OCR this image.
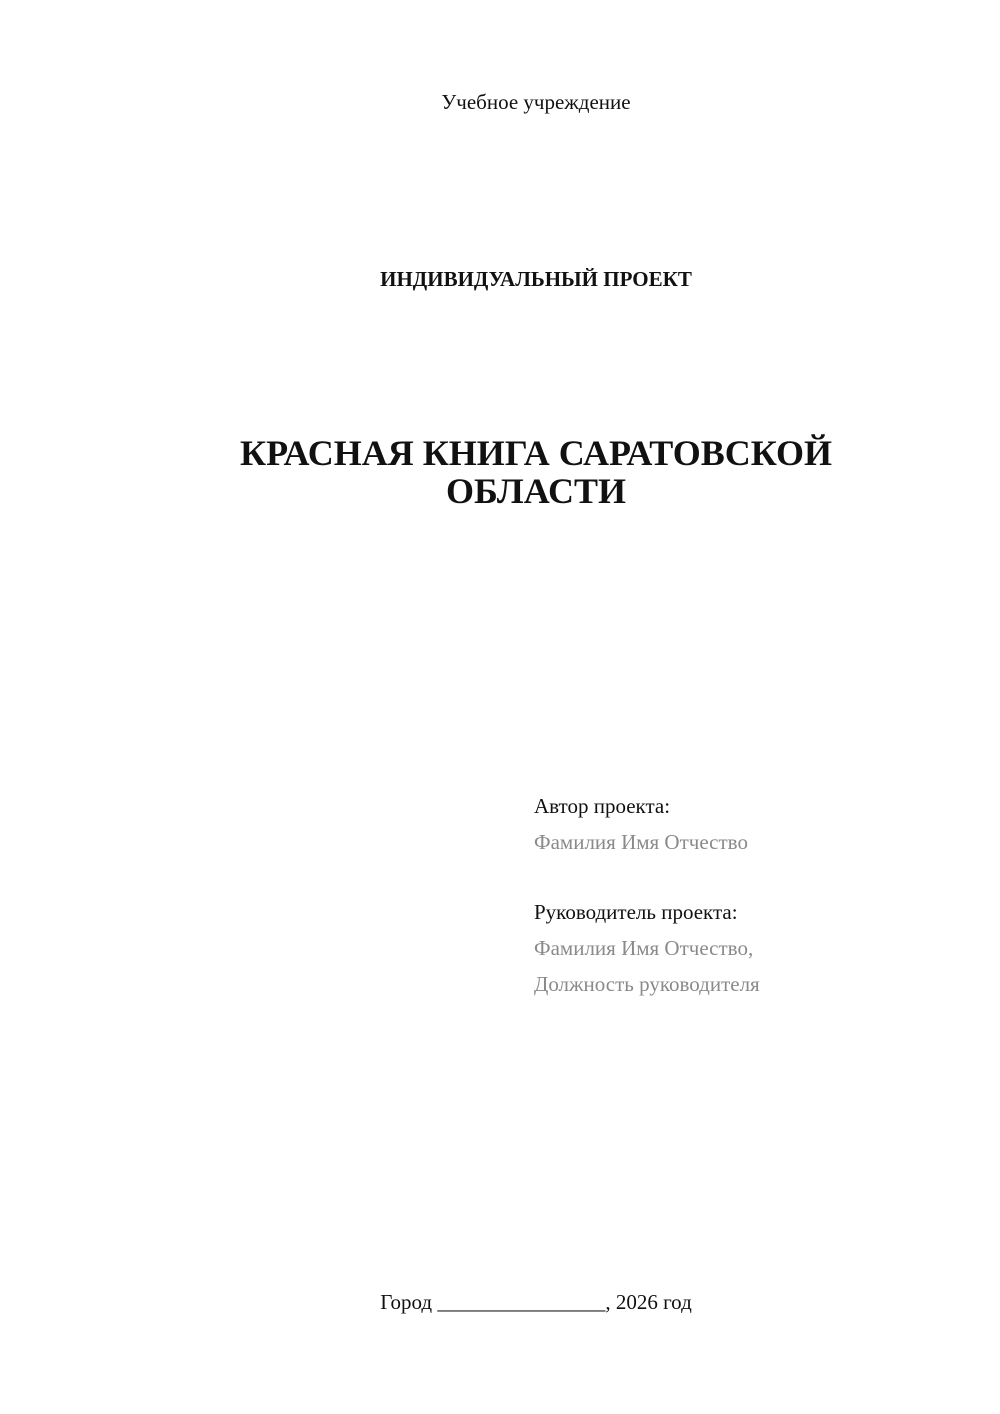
Учебное учреждение
ИНДИВИДУАЛЬНЫЙ ПРОЕКТ
КРАСНАЯ КНИГА САРАТОВСКОЙ
ОБЛАСТИ
Автор проекта:
Фамилия Имя Отчество
Руководитель проекта:
Фамилия Имя Отчество,
Должность руководителя
Город ________________, 2026 год
